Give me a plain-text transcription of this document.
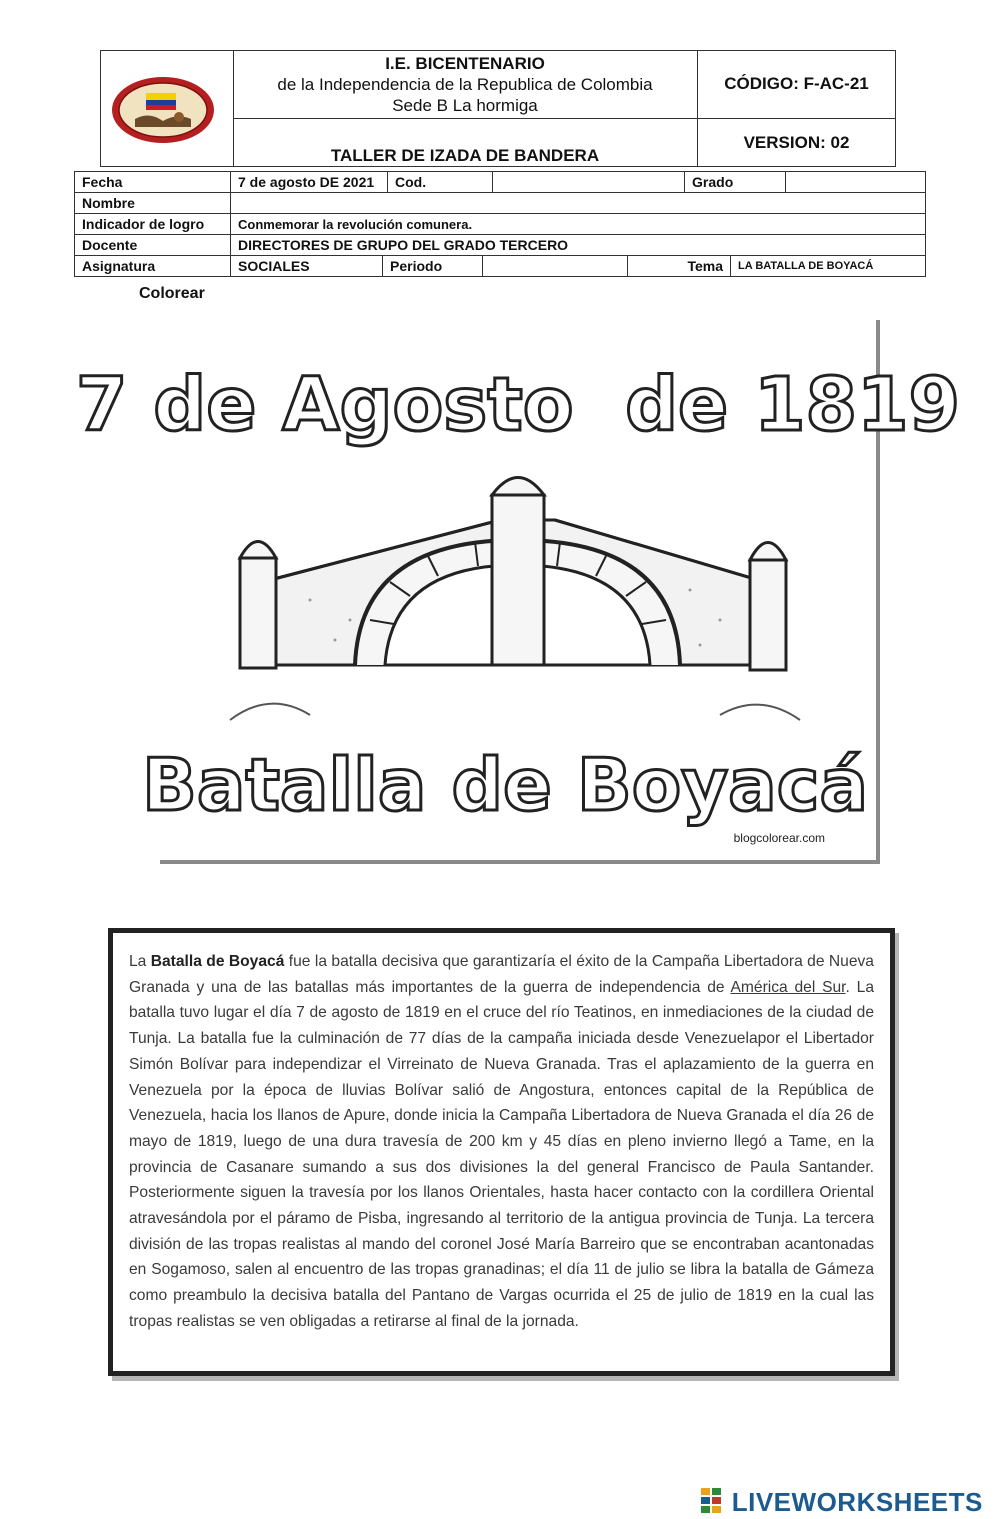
I.E. BICENTENARIO
de la Independencia de la Republica de Colombia
Sede B La hormiga
TALLER DE IZADA DE BANDERA
CÓDIGO: F-AC-21
VERSION: 02
Fecha	7 de agosto DE 2021		Cod.				Grado		
Nombre									
Indicador de logro	Conmemorar la revolución comunera.								
Docente	DIRECTORES DE GRUPO DEL GRADO TERCERO								
Asignatura	SOCIALES	Periodo				Tema		LA BATALLA DE BOYACÁ	
Colorear
7 de Agosto  de 1819
Batalla de Boyacá
blogcolorear.com

La Batalla de Boyacá fue la batalla decisiva que garantizaría el éxito de la Campaña Libertadora de Nueva Granada y una de las batallas más importantes de la guerra de independencia de América del Sur. La batalla tuvo lugar el día 7 de agosto de 1819 en el cruce del río Teatinos, en inmediaciones de la ciudad de Tunja. La batalla fue la culminación de 77 días de la campaña iniciada desde Venezuelapor el Libertador Simón Bolívar para independizar el Virreinato de Nueva Granada. Tras el aplazamiento de la guerra en Venezuela por la época de lluvias Bolívar salió de Angostura, entonces capital de la República de Venezuela, hacia los llanos de Apure, donde inicia la Campaña Libertadora de Nueva Granada el día 26 de mayo de 1819, luego de una dura travesía de 200 km y 45 días en pleno invierno llegó a Tame, en la provincia de Casanare sumando a sus dos divisiones la del general Francisco de Paula Santander. Posteriormente siguen la travesía por los llanos Orientales, hasta hacer contacto con la cordillera Oriental atravesándola por el páramo de Pisba, ingresando al territorio de la antigua provincia de Tunja. La tercera división de las tropas realistas al mando del coronel José María Barreiro que se encontraban acantonadas en Sogamoso, salen al encuentro de las tropas granadinas; el día 11 de julio se libra la batalla de Gámeza como preambulo la decisiva batalla del Pantano de Vargas ocurrida el 25 de julio de 1819 en la cual las tropas realistas se ven obligadas a retirarse al final de la jornada.

LIVEWORKSHEETS
